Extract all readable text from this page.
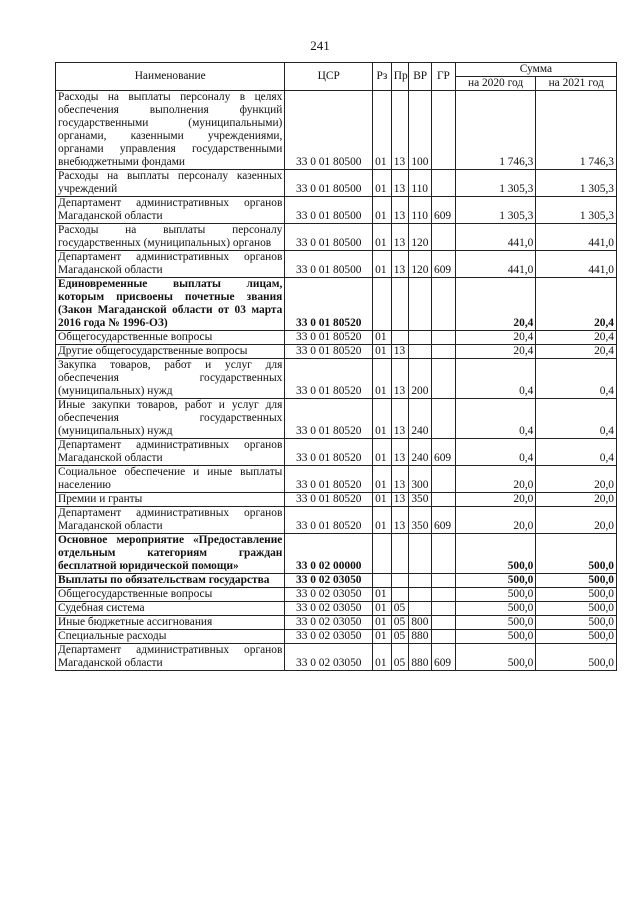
241
Наименование	ЦСР	Рз	Пр	ВР	ГР	Сумма	
						на 2020 год	на 2021 год
Расходы на выплаты персоналу в целях обеспечения выполнения функций государственными (муниципальными) органами, казенными учреждениями, органами управления государственными внебюджетными фондами	33 0 01 80500	01	13	100		1 746,3	1 746,3
Расходы на выплаты персоналу казенных учреждений	33 0 01 80500	01	13	110		1 305,3	1 305,3
Департамент административных органов Магаданской области	33 0 01 80500	01	13	110	609	1 305,3	1 305,3
Расходы на выплаты персоналу государственных (муниципальных) органов	33 0 01 80500	01	13	120		441,0	441,0
Департамент административных органов Магаданской области	33 0 01 80500	01	13	120	609	441,0	441,0
Единовременные выплаты лицам, которым присвоены почетные звания (Закон Магаданской области от 03 марта 2016 года № 1996-ОЗ)	33 0 01 80520					20,4	20,4
Общегосударственные вопросы	33 0 01 80520	01				20,4	20,4
Другие общегосударственные вопросы	33 0 01 80520	01	13			20,4	20,4
Закупка товаров, работ и услуг для обеспечения государственных (муниципальных) нужд	33 0 01 80520	01	13	200		0,4	0,4
Иные закупки товаров, работ и услуг для обеспечения государственных (муниципальных) нужд	33 0 01 80520	01	13	240		0,4	0,4
Департамент административных органов Магаданской области	33 0 01 80520	01	13	240	609	0,4	0,4
Социальное обеспечение и иные выплаты населению	33 0 01 80520	01	13	300		20,0	20,0
Премии и гранты	33 0 01 80520	01	13	350		20,0	20,0
Департамент административных органов Магаданской области	33 0 01 80520	01	13	350	609	20,0	20,0
Основное мероприятие «Предоставление отдельным категориям граждан бесплатной юридической помощи»	33 0 02 00000					500,0	500,0
Выплаты по обязательствам государства	33 0 02 03050					500,0	500,0
Общегосударственные вопросы	33 0 02 03050	01				500,0	500,0
Судебная система	33 0 02 03050	01	05			500,0	500,0
Иные бюджетные ассигнования	33 0 02 03050	01	05	800		500,0	500,0
Специальные расходы	33 0 02 03050	01	05	880		500,0	500,0
Департамент административных органов Магаданской области	33 0 02 03050	01	05	880	609	500,0	500,0
